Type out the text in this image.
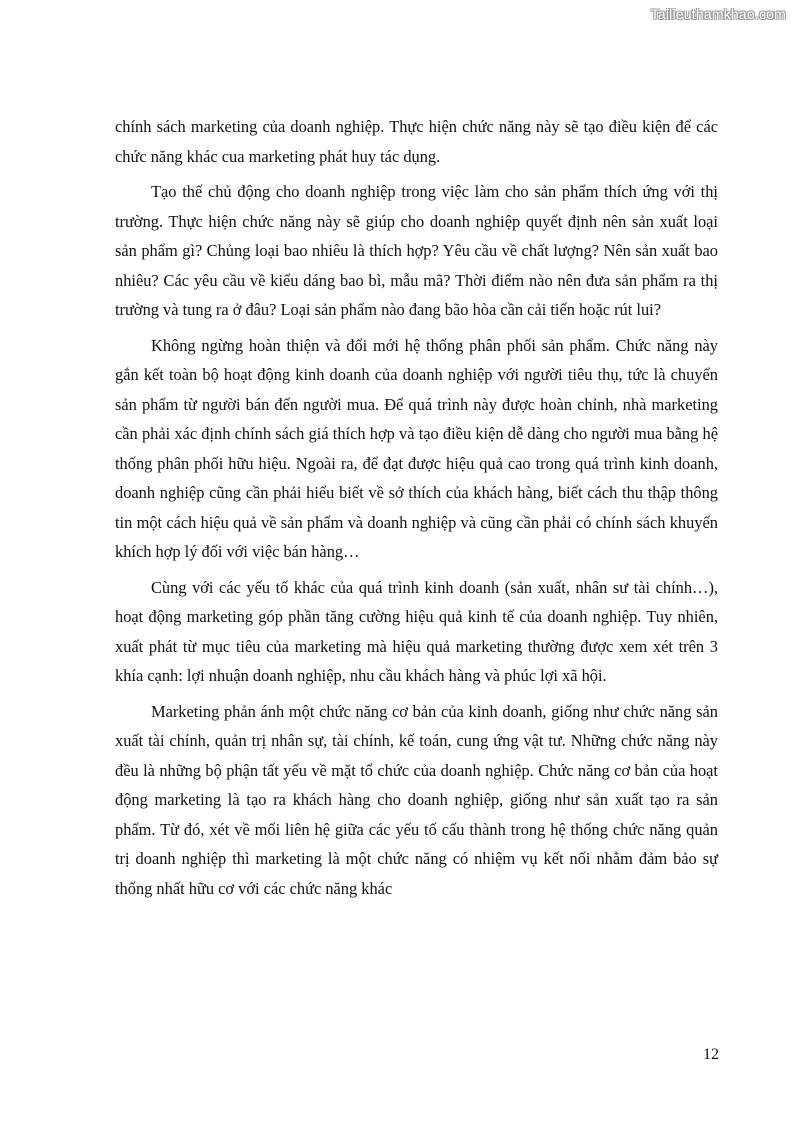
Tailieuthamkhao.com

chính sách marketing của doanh nghiệp. Thực hiện chức năng này sẽ tạo điều kiện để các chức năng khác cua marketing phát huy tác dụng.

Tạo thế chủ động cho doanh nghiệp trong việc làm cho sản phẩm thích ứng với thị trường. Thực hiện chức năng này sẽ giúp cho doanh nghiệp quyết định nên sản xuất loại sản phẩm gì? Chủng loại bao nhiêu là thích hợp? Yêu cầu về chất lượng? Nên sản xuất bao nhiêu? Các yêu cầu về kiểu dáng bao bì, mẫu mã? Thời điểm nào nên đưa sản phẩm ra thị trường và tung ra ở đâu? Loại sản phẩm nào đang bão hòa cần cải tiến hoặc rút lui?

Không ngừng hoàn thiện và đổi mới hệ thống phân phối sản phẩm. Chức năng này gắn kết toàn bộ hoạt động kinh doanh của doanh nghiệp với người tiêu thụ, tức là chuyển sản phẩm từ người bán đến người mua. Để quá trình này được hoàn chỉnh, nhà marketing cần phải xác định chính sách giá thích hợp và tạo điều kiện dễ dàng cho người mua bằng hệ thống phân phối hữu hiệu. Ngoài ra, để đạt được hiệu quả cao trong quá trình kinh doanh, doanh nghiệp cũng cần phải hiểu biết về sở thích của khách hàng, biết cách thu thập thông tin một cách hiệu quả về sản phẩm và doanh nghiệp và cũng cần phải có chính sách khuyến khích hợp lý đối với việc bán hàng…

Cùng với các yếu tố khác của quá trình kinh doanh (sản xuất, nhân sư tài chính…), hoạt động marketing góp phần tăng cường hiệu quả kinh tế của doanh nghiệp. Tuy nhiên, xuất phát từ mục tiêu của marketing mà hiệu quả marketing thường được xem xét trên 3 khía cạnh: lợi nhuận doanh nghiệp, nhu cầu khách hàng và phúc lợi xã hội.

Marketing phản ánh một chức năng cơ bản của kinh doanh, giống như chức năng sản xuất tài chính, quản trị nhân sự, tài chính, kế toán, cung ứng vật tư. Những chức năng này đều là những bộ phận tất yếu về mặt tổ chức của doanh nghiệp. Chức năng cơ bản của hoạt động marketing là tạo ra khách hàng cho doanh nghiệp, giống như sản xuất tạo ra sản phẩm. Từ đó, xét về mối liên hệ giữa các yếu tố cấu thành trong hệ thống chức năng quản trị doanh nghiệp thì marketing là một chức năng có nhiệm vụ kết nối nhằm đảm bảo sự thống nhất hữu cơ với các chức năng khác

12
